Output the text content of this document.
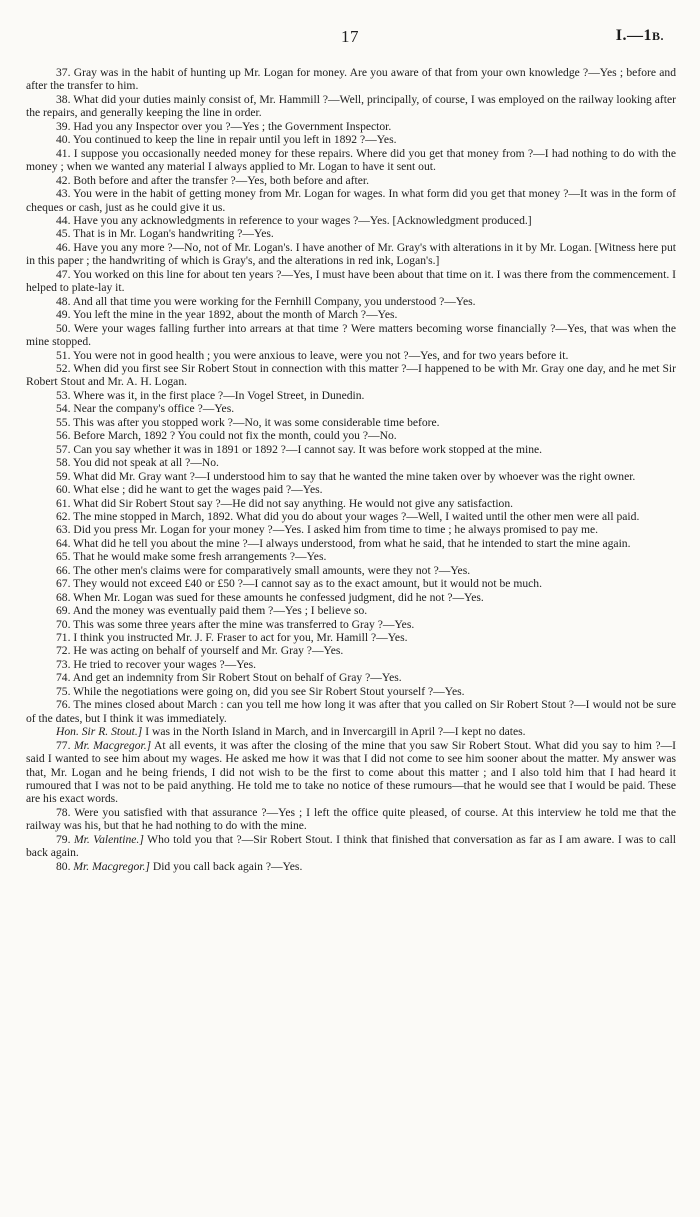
17	I.—1B.

37. Gray was in the habit of hunting up Mr. Logan for money. Are you aware of that from your own knowledge ?—Yes ; before and after the transfer to him.

38. What did your duties mainly consist of, Mr. Hammill ?—Well, principally, of course, I was employed on the railway looking after the repairs, and generally keeping the line in order.

39. Had you any Inspector over you ?—Yes ; the Government Inspector.

40. You continued to keep the line in repair until you left in 1892 ?—Yes.

41. I suppose you occasionally needed money for these repairs. Where did you get that money from ?—I had nothing to do with the money ; when we wanted any material I always applied to Mr. Logan to have it sent out.

42. Both before and after the transfer ?—Yes, both before and after.

43. You were in the habit of getting money from Mr. Logan for wages. In what form did you get that money ?—It was in the form of cheques or cash, just as he could give it us.

44. Have you any acknowledgments in reference to your wages ?—Yes. [Acknowledgment produced.]

45. That is in Mr. Logan's handwriting ?—Yes.

46. Have you any more ?—No, not of Mr. Logan's. I have another of Mr. Gray's with alterations in it by Mr. Logan. [Witness here put in this paper ; the handwriting of which is Gray's, and the alterations in red ink, Logan's.]

47. You worked on this line for about ten years ?—Yes, I must have been about that time on it. I was there from the commencement. I helped to plate-lay it.

48. And all that time you were working for the Fernhill Company, you understood ?—Yes.

49. You left the mine in the year 1892, about the month of March ?—Yes.

50. Were your wages falling further into arrears at that time ? Were matters becoming worse financially ?—Yes, that was when the mine stopped.

51. You were not in good health ; you were anxious to leave, were you not ?—Yes, and for two years before it.

52. When did you first see Sir Robert Stout in connection with this matter ?—I happened to be with Mr. Gray one day, and he met Sir Robert Stout and Mr. A. H. Logan.

53. Where was it, in the first place ?—In Vogel Street, in Dunedin.

54. Near the company's office ?—Yes.

55. This was after you stopped work ?—No, it was some considerable time before.

56. Before March, 1892 ? You could not fix the month, could you ?—No.

57. Can you say whether it was in 1891 or 1892 ?—I cannot say. It was before work stopped at the mine.

58. You did not speak at all ?—No.

59. What did Mr. Gray want ?—I understood him to say that he wanted the mine taken over by whoever was the right owner.

60. What else ; did he want to get the wages paid ?—Yes.

61. What did Sir Robert Stout say ?—He did not say anything. He would not give any satisfaction.

62. The mine stopped in March, 1892. What did you do about your wages ?—Well, I waited until the other men were all paid.

63. Did you press Mr. Logan for your money ?—Yes. I asked him from time to time ; he always promised to pay me.

64. What did he tell you about the mine ?—I always understood, from what he said, that he intended to start the mine again.

65. That he would make some fresh arrangements ?—Yes.

66. The other men's claims were for comparatively small amounts, were they not ?—Yes.

67. They would not exceed £40 or £50 ?—I cannot say as to the exact amount, but it would not be much.

68. When Mr. Logan was sued for these amounts he confessed judgment, did he not ?—Yes.

69. And the money was eventually paid them ?—Yes ; I believe so.

70. This was some three years after the mine was transferred to Gray ?—Yes.

71. I think you instructed Mr. J. F. Fraser to act for you, Mr. Hamill ?—Yes.

72. He was acting on behalf of yourself and Mr. Gray ?—Yes.

73. He tried to recover your wages ?—Yes.

74. And get an indemnity from Sir Robert Stout on behalf of Gray ?—Yes.

75. While the negotiations were going on, did you see Sir Robert Stout yourself ?—Yes.

76. The mines closed about March : can you tell me how long it was after that you called on Sir Robert Stout ?—I would not be sure of the dates, but I think it was immediately.

Hon. Sir R. Stout.] I was in the North Island in March, and in Invercargill in April ?—I kept no dates.

77. Mr. Macgregor.] At all events, it was after the closing of the mine that you saw Sir Robert Stout. What did you say to him ?—I said I wanted to see him about my wages. He asked me how it was that I did not come to see him sooner about the matter. My answer was that, Mr. Logan and he being friends, I did not wish to be the first to come about this matter ; and I also told him that I had heard it rumoured that I was not to be paid anything. He told me to take no notice of these rumours—that he would see that I would be paid. These are his exact words.

78. Were you satisfied with that assurance ?—Yes ; I left the office quite pleased, of course. At this interview he told me that the railway was his, but that he had nothing to do with the mine.

79. Mr. Valentine.] Who told you that ?—Sir Robert Stout. I think that finished that conversation as far as I am aware. I was to call back again.

80. Mr. Macgregor.] Did you call back again ?—Yes.
